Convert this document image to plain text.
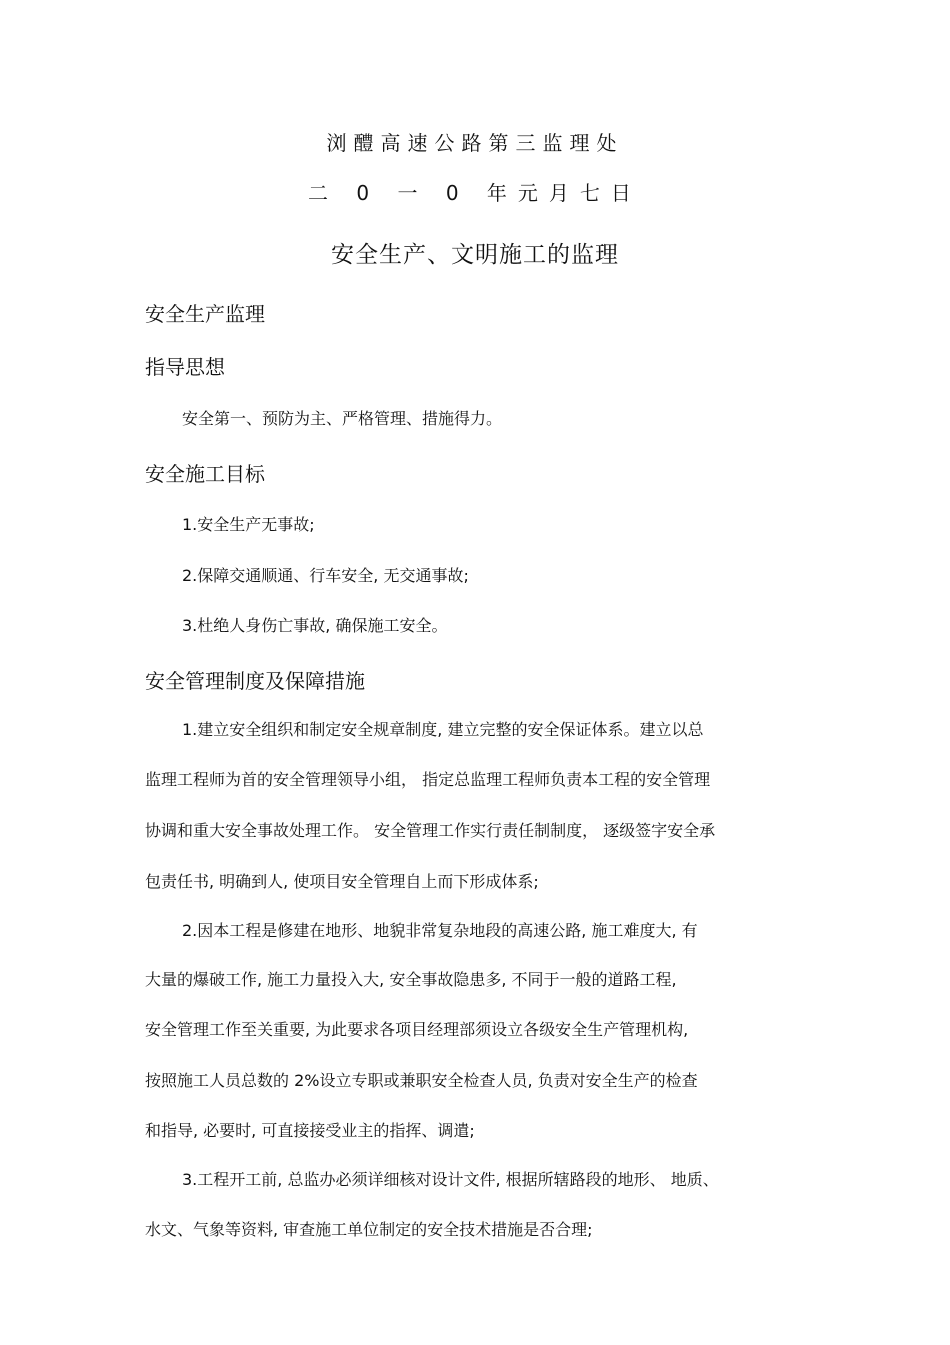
浏醴高速公路第三监理处
二 0 一 0 年元月七日
安全生产、文明施工的监理
安全生产监理
指导思想
安全第一、预防为主、严格管理、措施得力。
安全施工目标
1.安全生产无事故;
2.保障交通顺通、行车安全, 无交通事故;
3.杜绝人身伤亡事故, 确保施工安全。
安全管理制度及保障措施
1.建立安全组织和制定安全规章制度, 建立完整的安全保证体系。建立以总
监理工程师为首的安全管理领导小组， 指定总监理工程师负责本工程的安全管理
协调和重大安全事故处理工作。 安全管理工作实行责任制制度， 逐级签字安全承
包责任书, 明确到人, 使项目安全管理自上而下形成体系;
2.因本工程是修建在地形、地貌非常复杂地段的高速公路, 施工难度大, 有
大量的爆破工作, 施工力量投入大, 安全事故隐患多, 不同于一般的道路工程,
安全管理工作至关重要, 为此要求各项目经理部须设立各级安全生产管理机构,
按照施工人员总数的 2%设立专职或兼职安全检查人员, 负责对安全生产的检查
和指导, 必要时, 可直接接受业主的指挥、调遣;
3.工程开工前, 总监办必须详细核对设计文件, 根据所辖路段的地形、 地质、
水文、气象等资料, 审查施工单位制定的安全技术措施是否合理;
